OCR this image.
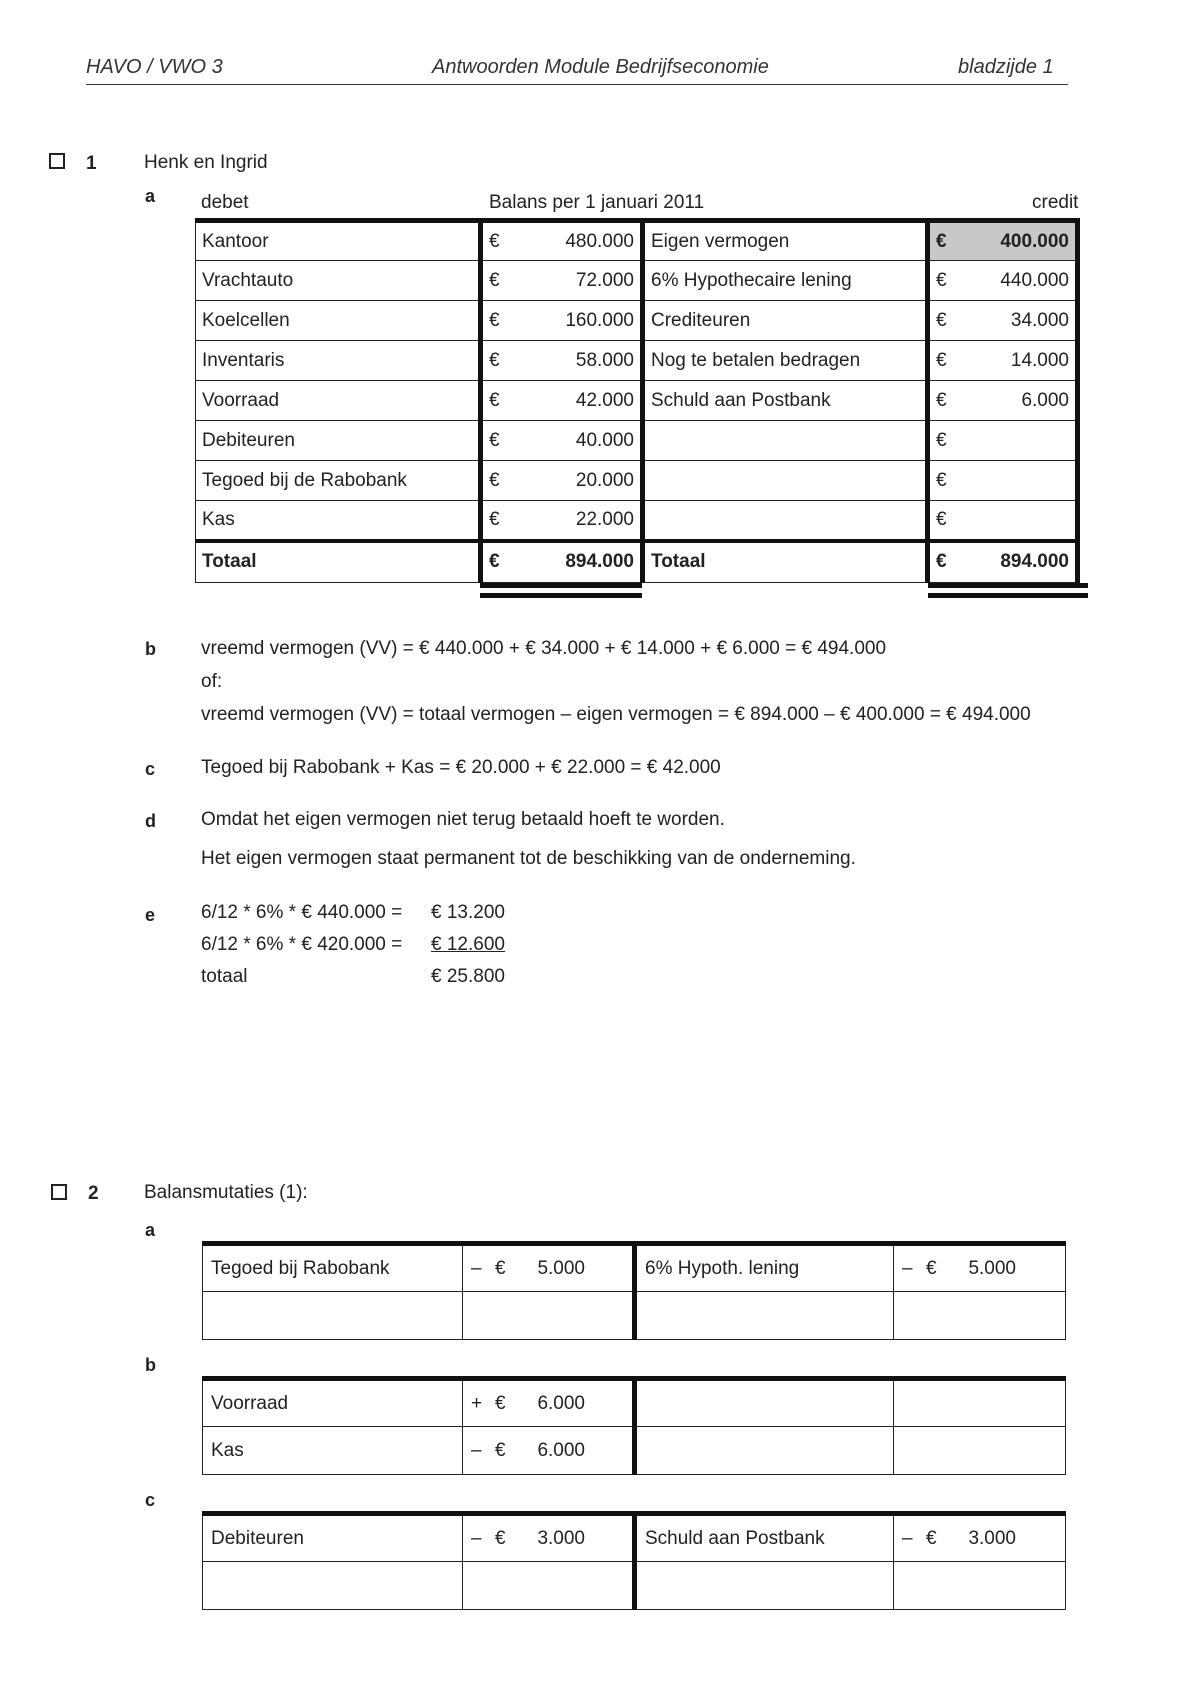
HAVO / VWO 3	Antwoorden Module Bedrijfseconomie	bladzijde 1
1 Henk en Ingrid
a debet	Balans per 1 januari 2011	credit
Kantoor	€	480.000	Eigen vermogen	€	400.000
Vrachtauto	€	72.000	6% Hypothecaire lening	€	440.000
Koelcellen	€	160.000	Crediteuren	€	34.000
Inventaris	€	58.000	Nog te betalen bedragen	€	14.000
Voorraad	€	42.000	Schuld aan Postbank	€	6.000
Debiteuren	€	40.000		€	
Tegoed bij de Rabobank	€	20.000		€	
Kas	€	22.000		€	
Totaal	€	894.000	Totaal	€	894.000
b vreemd vermogen (VV) = € 440.000 + € 34.000 + € 14.000 + € 6.000 = € 494.000
of:
vreemd vermogen (VV) = totaal vermogen – eigen vermogen = € 894.000 – € 400.000 = € 494.000
c Tegoed bij Rabobank + Kas = € 20.000 + € 22.000 = € 42.000
d Omdat het eigen vermogen niet terug betaald hoeft te worden.
Het eigen vermogen staat permanent tot de beschikking van de onderneming.
e 6/12 * 6% * € 440.000 = € 13.200
6/12 * 6% * € 420.000 = € 12.600
totaal	€ 25.800
2 Balansmutaties (1):
a
Tegoed bij Rabobank	– € 5.000	6% Hypoth. lening	– € 5.000

b
Voorraad	+ € 6.000		
Kas	– € 6.000		
c
Debiteuren	– € 3.000	Schuld aan Postbank	– € 3.000
